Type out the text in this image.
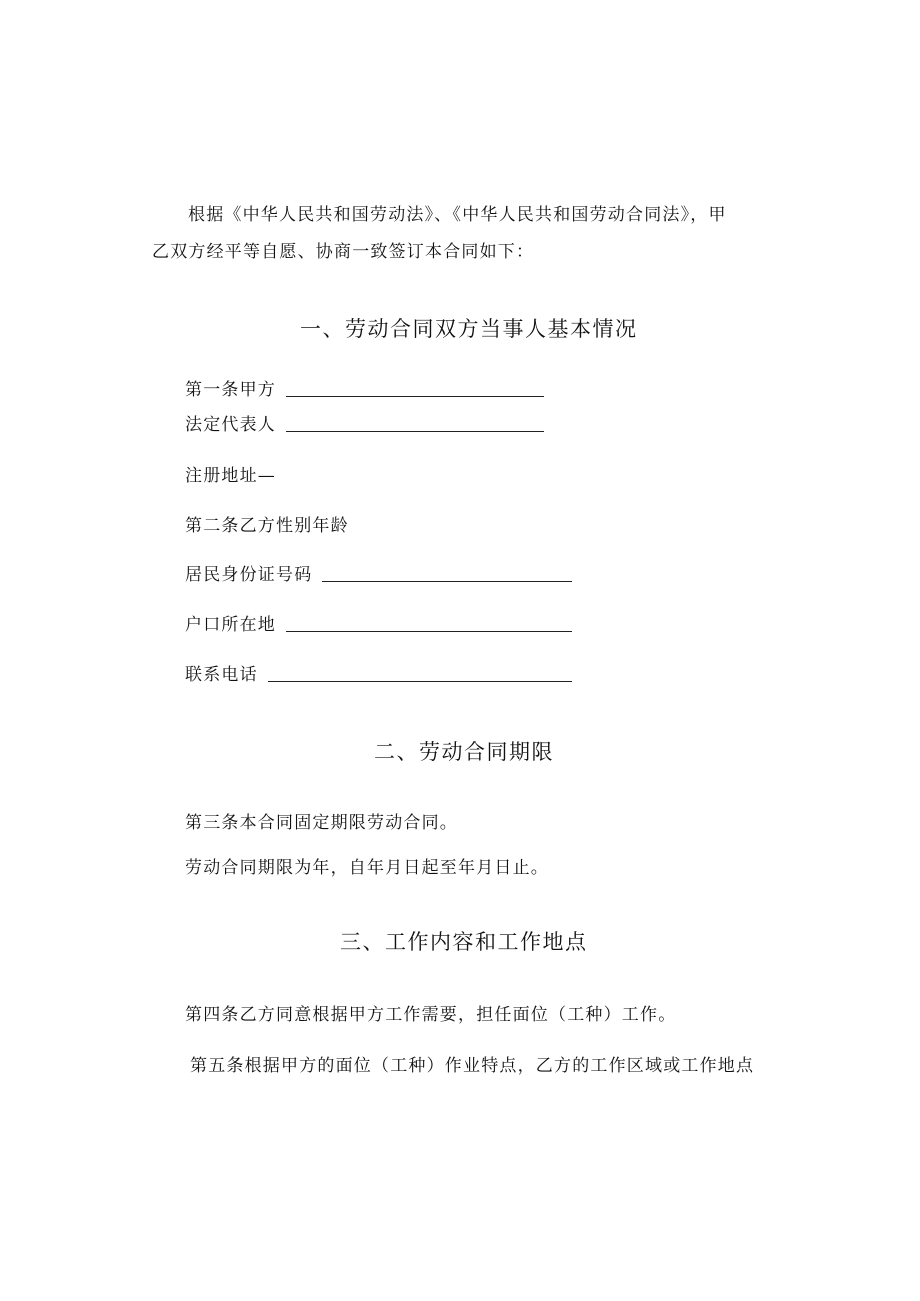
根据《中华人民共和国劳动法》、《中华人民共和国劳动合同法》，甲
乙双方经平等自愿、协商一致签订本合同如下：
一、劳动合同双方当事人基本情况
第一条甲方
法定代表人
注册地址—
第二条乙方性别年龄
居民身份证号码
户口所在地
联系电话
二、劳动合同期限
第三条本合同固定期限劳动合同。
劳动合同期限为年，自年月日起至年月日止。
三、工作内容和工作地点
第四条乙方同意根据甲方工作需要，担任面位（工种）工作。
第五条根据甲方的面位（工种）作业特点，乙方的工作区域或工作地点
